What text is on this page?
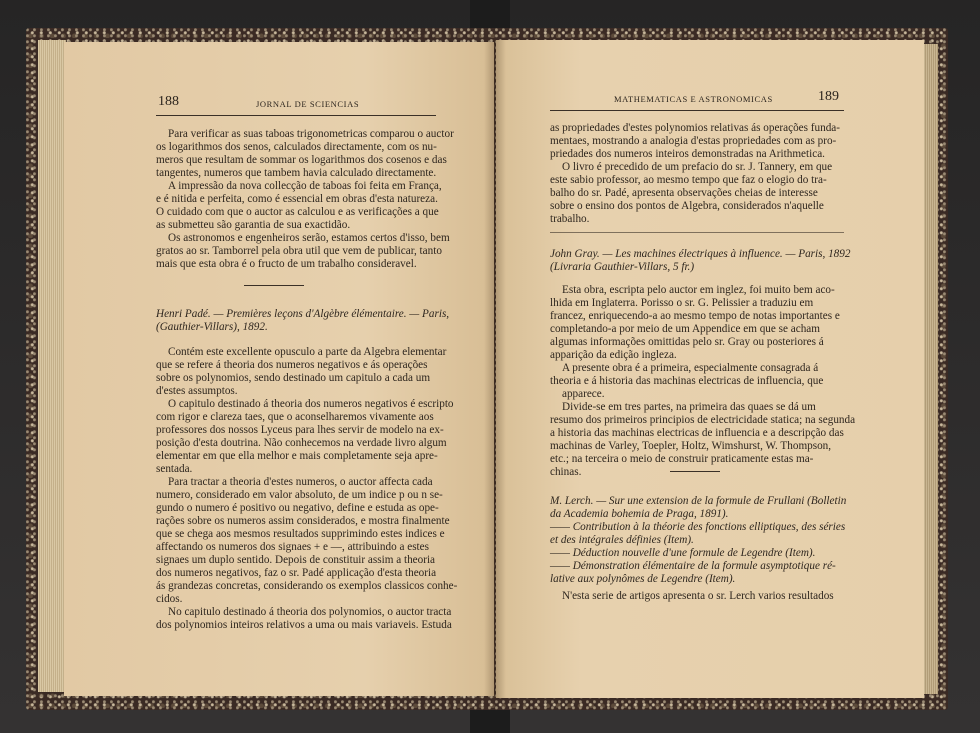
188	JORNAL DE SCIENCIAS
Para verificar as suas taboas trigonometricas comparou o auctor
os logarithmos dos senos, calculados directamente, com os nu-
meros que resultam de sommar os logarithmos dos cosenos e das
tangentes, numeros que tambem havia calculado directamente.
A impressão da nova collecção de taboas foi feita em França,
e é nitida e perfeita, como é essencial em obras d'esta natureza.
O cuidado com que o auctor as calculou e as verificações a que
as submetteu são garantia de sua exactidão.
Os astronomos e engenheiros serão, estamos certos d'isso, bem
gratos ao sr. Tamborrel pela obra util que vem de publicar, tanto
mais que esta obra é o fructo de um trabalho consideravel.
Henri Padé. — Premières leçons d'Algèbre élémentaire. — Paris,
(Gauthier-Villars), 1892.
Contém este excellente opusculo a parte da Algebra elementar
que se refere á theoria dos numeros negativos e ás operações
sobre os polynomios, sendo destinado um capitulo a cada um
d'estes assumptos.
O capitulo destinado á theoria dos numeros negativos é escripto
com rigor e clareza taes, que o aconselharemos vivamente aos
professores dos nossos Lyceus para lhes servir de modelo na ex-
posição d'esta doutrina. Não conhecemos na verdade livro algum
elementar em que ella melhor e mais completamente seja apre-
sentada.
Para tractar a theoria d'estes numeros, o auctor affecta cada
numero, considerado em valor absoluto, de um indice p ou n se-
gundo o numero é positivo ou negativo, define e estuda as ope-
rações sobre os numeros assim considerados, e mostra finalmente
que se chega aos mesmos resultados supprimindo estes indices e
affectando os numeros dos signaes + e —, attribuindo a estes
signaes um duplo sentido. Depois de constituir assim a theoria
dos numeros negativos, faz o sr. Padé applicação d'esta theoria
ás grandezas concretas, considerando os exemplos classicos conhe-
cidos.
No capitulo destinado á theoria dos polynomios, o auctor tracta
dos polynomios inteiros relativos a uma ou mais variaveis. Estuda
MATHEMATICAS E ASTRONOMICAS	189
as propriedades d'estes polynomios relativas ás operações funda-
mentaes, mostrando a analogia d'estas propriedades com as pro-
priedades dos numeros inteiros demonstradas na Arithmetica.
O livro é precedido de um prefacio do sr. J. Tannery, em que
este sabio professor, ao mesmo tempo que faz o elogio do tra-
balho do sr. Padé, apresenta observações cheias de interesse
sobre o ensino dos pontos de Algebra, considerados n'aquelle
trabalho.
John Gray. — Les machines électriques à influence. — Paris, 1892
(Livraria Gauthier-Villars, 5 fr.)
Esta obra, escripta pelo auctor em inglez, foi muito bem aco-
lhida em Inglaterra. Porisso o sr. G. Pelissier a traduziu em
francez, enriquecendo-a ao mesmo tempo de notas importantes e
completando-a por meio de um Appendice em que se acham
algumas informações omittidas pelo sr. Gray ou posteriores á
apparição da edição ingleza.
A presente obra é a primeira, especialmente consagrada á
theoria e á historia das machinas electricas de influencia, que
apparece.
Divide-se em tres partes, na primeira das quaes se dá um
resumo dos primeiros principios de electricidade statica; na segunda
a historia das machinas electricas de influencia e a descripção das
machinas de Varley, Toepler, Holtz, Wimshurst, W. Thompson,
etc.; na terceira o meio de construir praticamente estas ma-
chinas.
M. Lerch. — Sur une extension de la formule de Frullani (Bolletin
da Academia bohemia de Praga, 1891).
—— Contribution à la théorie des fonctions elliptiques, des séries
et des intégrales définies (Item).
—— Déduction nouvelle d'une formule de Legendre (Item).
—— Démonstration élémentaire de la formule asymptotique ré-
lative aux polynômes de Legendre (Item).
N'esta serie de artigos apresenta o sr. Lerch varios resultados
